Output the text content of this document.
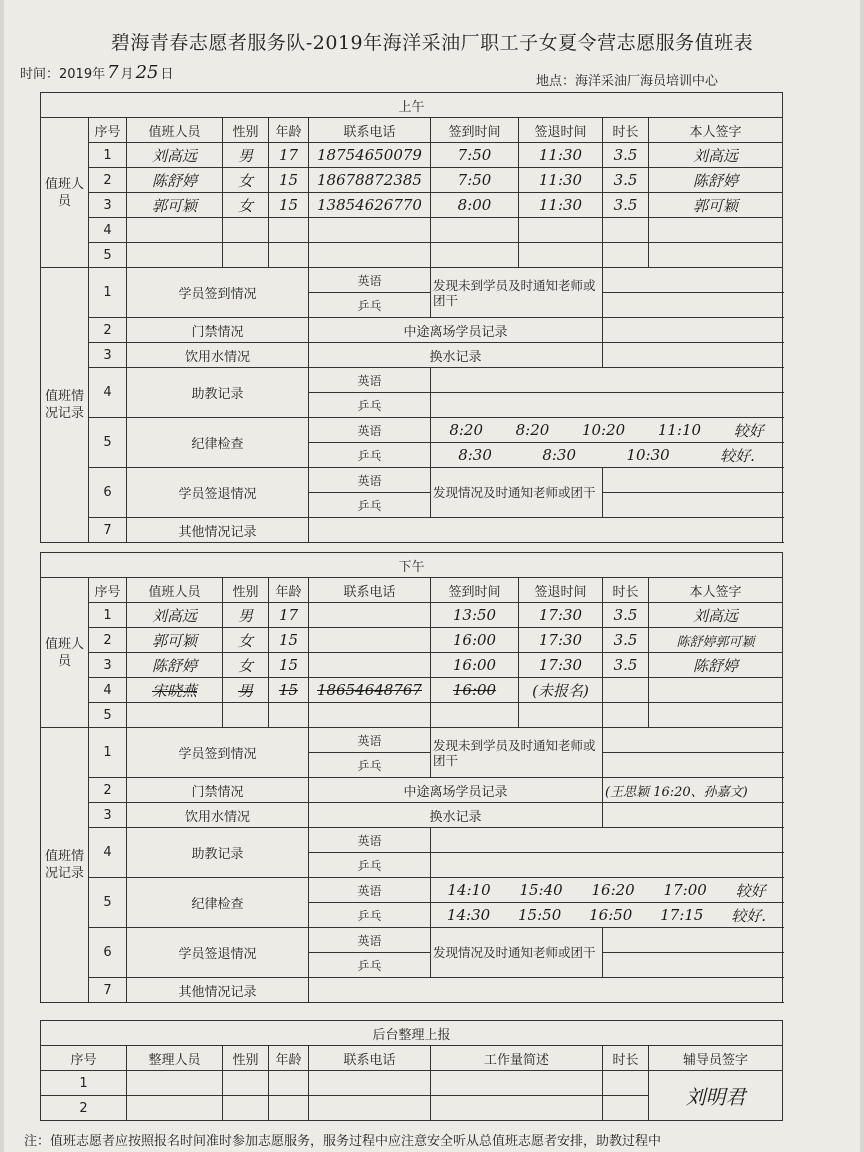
碧海青春志愿者服务队-2019年海洋采油厂职工子女夏令营志愿服务值班表
时间：2019年 7 月 25 日	地点：海洋采油厂海员培训中心
上午									
值班人员	序号	值班人员	性别	年龄	联系电话	签到时间	签退时间	时长	本人签字
	1	刘高远	男	17	18754650079	7:50	11:30	3.5	刘高远
	2	陈舒婷	女	15	18678872385	7:50	11:30	3.5	陈舒婷
	3	郭可颖	女	15	13854626770	8:00	11:30	3.5	郭可颖
	4								
	5								
值班情况记录	1	学员签到情况			英语	发现未到学员及时通知老师或团干			
					乒乓				
	2	门禁情况			中途离场学员记录				
	3	饮用水情况			换水记录				
	4	助教记录			英语				
					乒乓				
	5	纪律检查			英语	8:20 8:20 10:20 11:10 较好			

					乒乓	8:30 8:30 10:30 较好.			

	6	学员签退情况			英语	发现情况及时通知老师或团干			
					乒乓				
	7	其他情况记录							
下午									
值班人员	序号	值班人员	性别	年龄	联系电话	签到时间	签退时间	时长	本人签字
	1	刘高远	男	17		13:50	17:30	3.5	刘高远
	2	郭可颖	女	15		16:00	17:30	3.5	陈舒婷郭可颖
	3	陈舒婷	女	15		16:00	17:30	3.5	陈舒婷
	4	宋晓燕	男	15	18654648767	16:00	(未报名)		
	5								
值班情况记录	1	学员签到情况			英语	发现未到学员及时通知老师或团干			
					乒乓				
	2	门禁情况			中途离场学员记录			(王思颖 16:20、孙嘉文)	
	3	饮用水情况			换水记录				
	4	助教记录			英语				
					乒乓				
	5	纪律检查			英语	14:10 15:40 16:20 17:00 较好			

					乒乓	14:30 15:50 16:50 17:15 较好.			

	6	学员签退情况			英语	发现情况及时通知老师或团干			
					乒乓				
	7	其他情况记录							
后台整理上报							
序号	整理人员	性别	年龄	联系电话	工作量简述	时长	辅导员签字
1							刘明君
2							
注：值班志愿者应按照报名时间准时参加志愿服务，服务过程中应注意安全听从总值班志愿者安排，助教过程中
